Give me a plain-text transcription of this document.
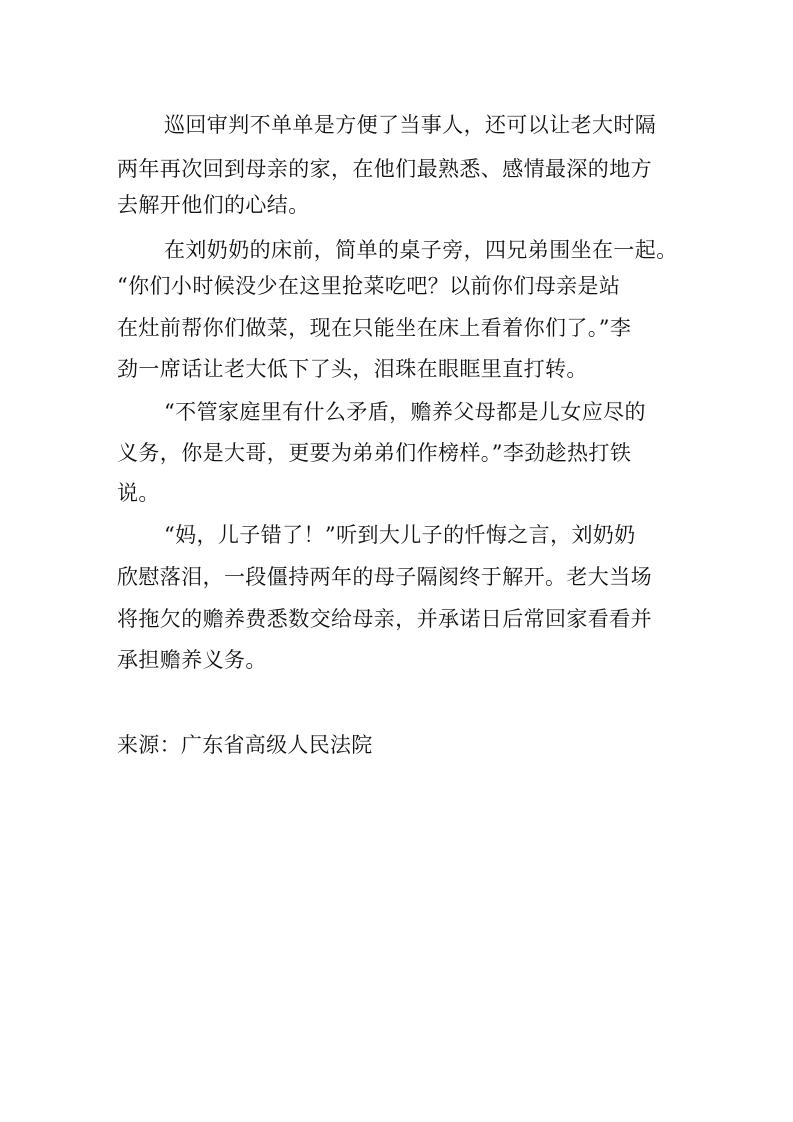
巡回审判不单单是方便了当事人，还可以让老大时隔

两年再次回到母亲的家，在他们最熟悉、感情最深的地方

去解开他们的心结。

在刘奶奶的床前，简单的桌子旁，四兄弟围坐在一起。

“你们小时候没少在这里抢菜吃吧？以前你们母亲是站

在灶前帮你们做菜，现在只能坐在床上看着你们了。”李

劲一席话让老大低下了头，泪珠在眼眶里直打转。

“不管家庭里有什么矛盾，赡养父母都是儿女应尽的

义务，你是大哥，更要为弟弟们作榜样。”李劲趁热打铁

说。

“妈，儿子错了！”听到大儿子的忏悔之言，刘奶奶

欣慰落泪，一段僵持两年的母子隔阂终于解开。老大当场

将拖欠的赡养费悉数交给母亲，并承诺日后常回家看看并

承担赡养义务。

来源：广东省高级人民法院
